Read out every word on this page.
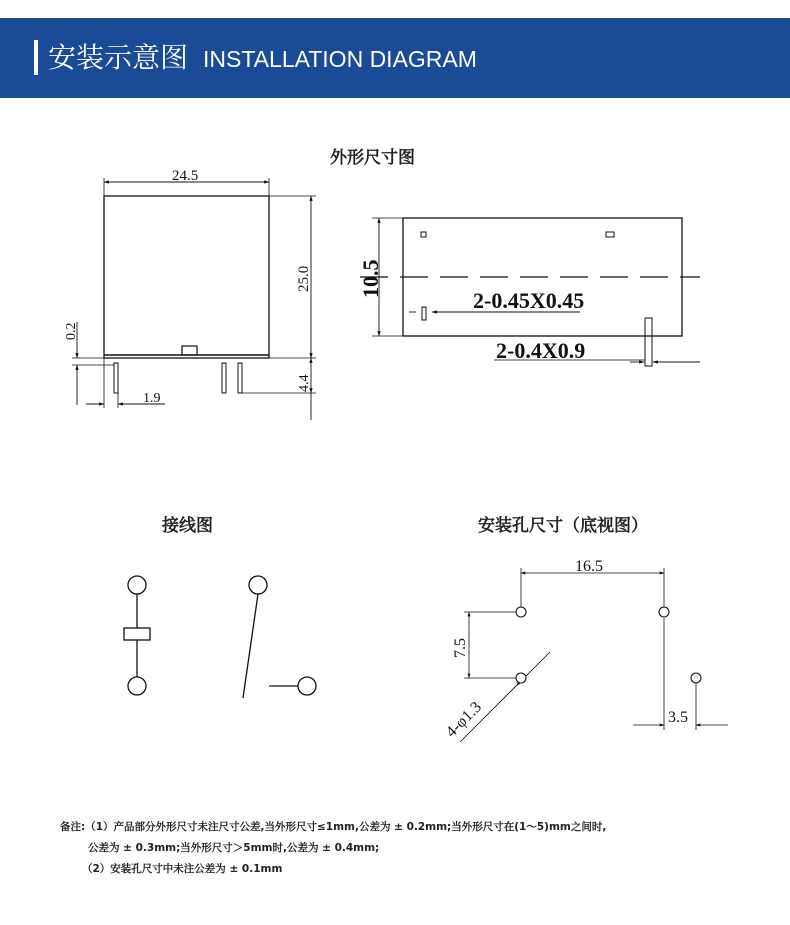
安装示意图 INSTALLATION DIAGRAM
外形尺寸图
接线图	安装孔尺寸（底视图）
24.5
25.0
0.2
4.4
1.9
10.5
2-0.45X0.45
2-0.4X0.9
16.5
7.5
4-φ1.3	3.5
备注:（1）产品部分外形尺寸未注尺寸公差,当外形尺寸≤1mm,公差为 ± 0.2mm;当外形尺寸在(1～5)mm之间时,
公差为 ± 0.3mm;当外形尺寸＞5mm时,公差为 ± 0.4mm;
（2）安装孔尺寸中未注公差为 ± 0.1mm
